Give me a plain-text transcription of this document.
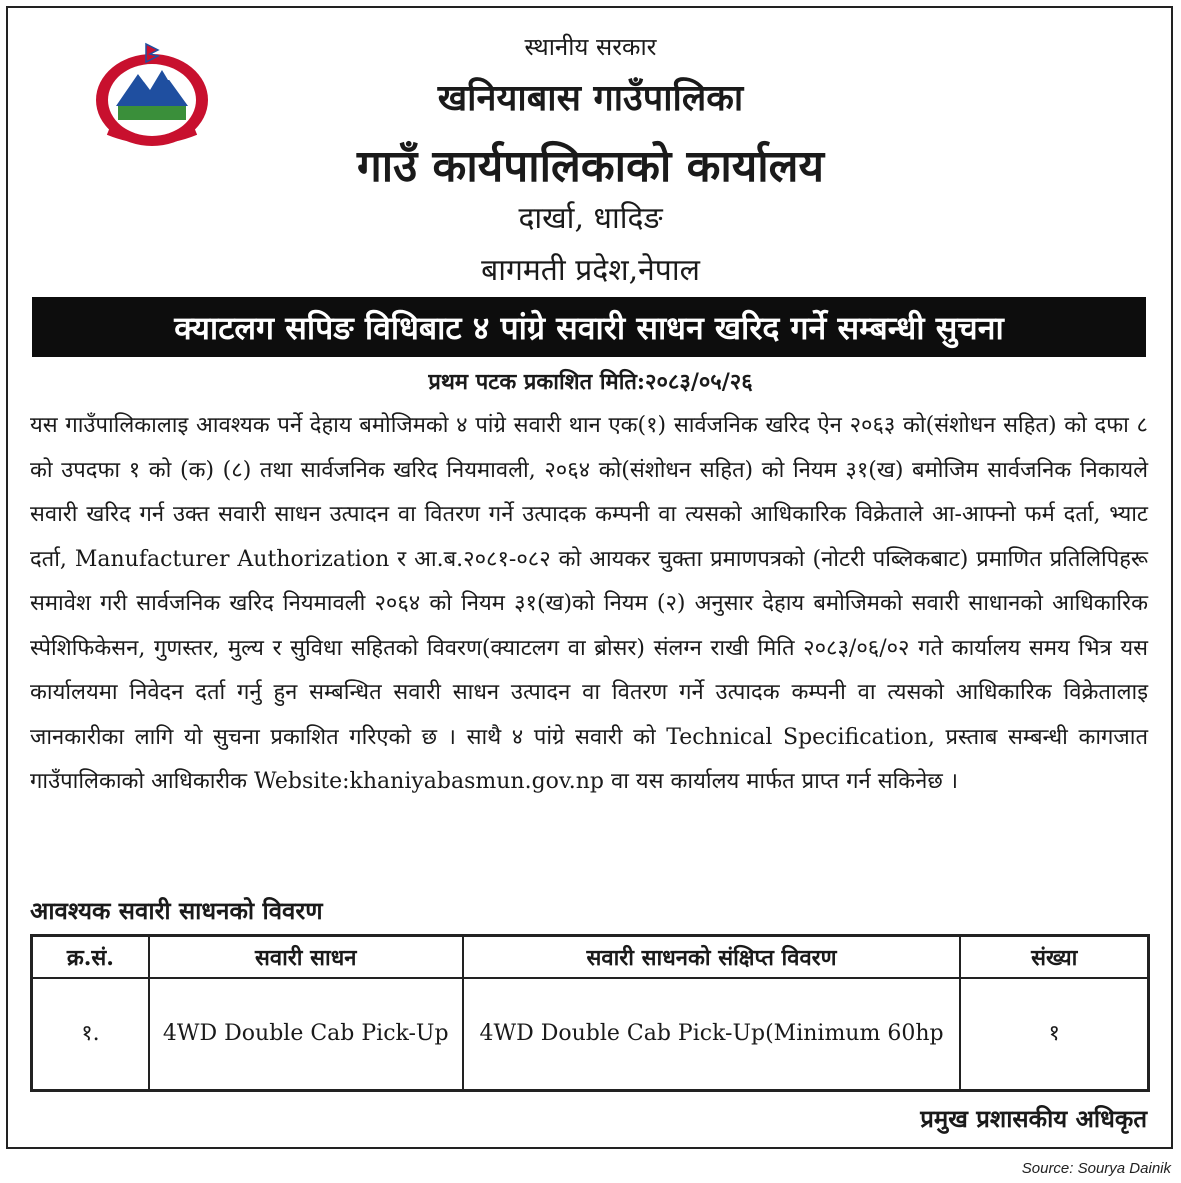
स्थानीय सरकार
खनियाबास गाउँपालिका
गाउँ कार्यपालिकाको कार्यालय
दार्खा, धादिङ
बागमती प्रदेश,नेपाल
क्याटलग सपिङ विधिबाट ४ पांग्रे सवारी साधन खरिद गर्ने सम्बन्धी सुचना
प्रथम पटक प्रकाशित मिति:२०८३/०५/२६
यस गाउँपालिकालाइ आवश्यक पर्ने देहाय बमोजिमको ४ पांग्रे सवारी थान एक(१) सार्वजनिक खरिद ऐन २०६३ को(संशोधन सहित) को दफा ८ को उपदफा १ को (क) (८) तथा सार्वजनिक खरिद नियमावली, २०६४ को(संशोधन सहित) को नियम ३१(ख) बमोजिम सार्वजनिक निकायले सवारी खरिद गर्न उक्त सवारी साधन उत्पादन वा वितरण गर्ने उत्पादक कम्पनी वा त्यसको आधिकारिक विक्रेताले आ-आफ्नो फर्म दर्ता, भ्याट दर्ता, Manufacturer Authorization र आ.ब.२०८१-०८२ को आयकर चुक्ता प्रमाणपत्रको (नोटरी पब्लिकबाट) प्रमाणित प्रतिलिपिहरू समावेश गरी सार्वजनिक खरिद नियमावली २०६४ को नियम ३१(ख)को नियम (२) अनुसार देहाय बमोजिमको सवारी साधानको आधिकारिक स्पेशिफिकेसन, गुणस्तर, मुल्य र सुविधा सहितको विवरण(क्याटलग वा ब्रोसर) संलग्न राखी मिति २०८३/०६/०२ गते कार्यालय समय भित्र यस कार्यालयमा निवेदन दर्ता गर्नु हुन सम्बन्धित सवारी साधन उत्पादन वा वितरण गर्ने उत्पादक कम्पनी वा त्यसको आधिकारिक विक्रेतालाइ जानकारीका लागि यो सुचना प्रकाशित गरिएको छ । साथै ४ पांग्रे सवारी को Technical Specification, प्रस्ताब सम्बन्धी कागजात गाउँपालिकाको आधिकारीक Website:khaniyabasmun.gov.np वा यस कार्यालय मार्फत प्राप्त गर्न सकिनेछ ।
आवश्यक सवारी साधनको विवरण
क्र.सं.	सवारी साधन	सवारी साधनको संक्षिप्त विवरण	संख्या
१.	4WD Double Cab Pick-Up	4WD Double Cab Pick-Up(Minimum 60hp	१
प्रमुख प्रशासकीय अधिकृत
Source: Sourya Dainik
